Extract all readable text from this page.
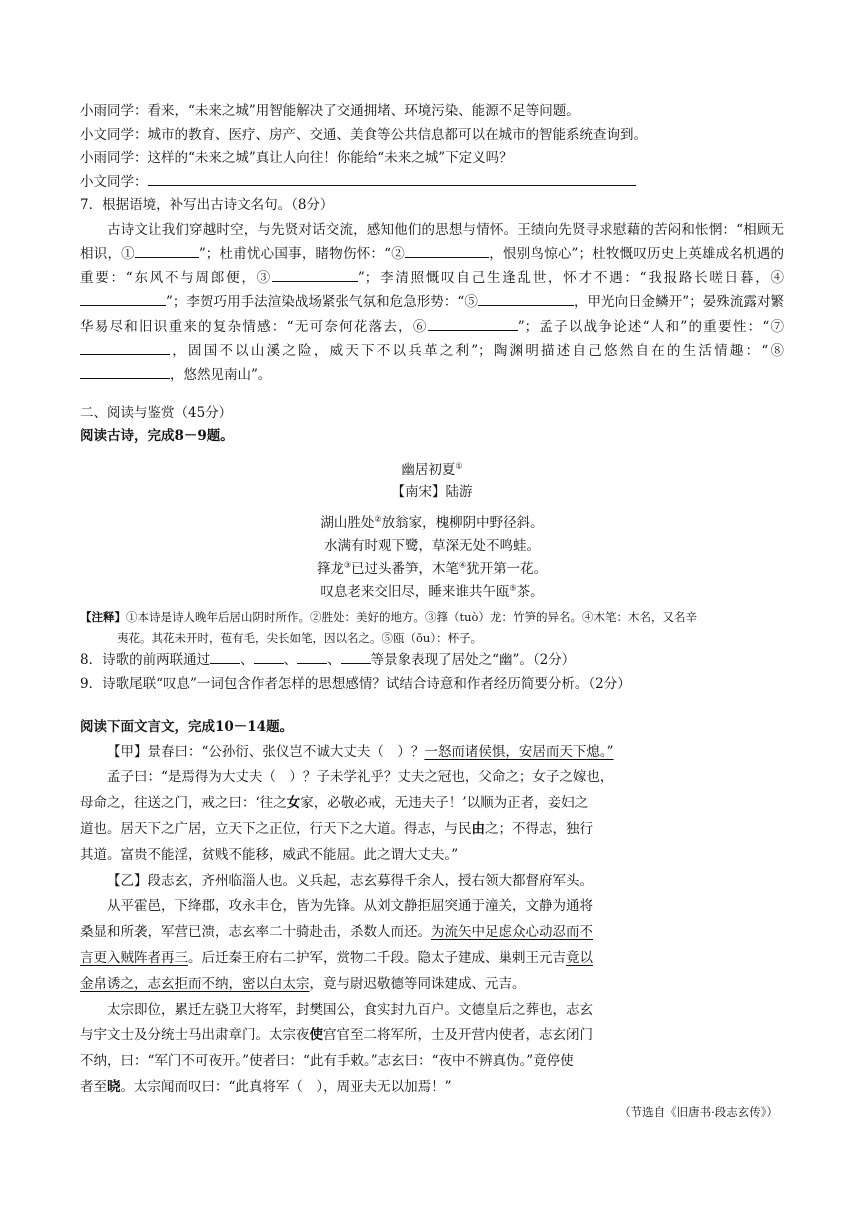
小雨同学：看来，“未来之城”用智能解决了交通拥堵、环境污染、能源不足等问题。
小文同学：城市的教育、医疗、房产、交通、美食等公共信息都可以在城市的智能系统查询到。
小雨同学：这样的“未来之城”真让人向往！你能给“未来之城”下定义吗？
小文同学：
7．根据语境，补写出古诗文名句。（8分）
古诗文让我们穿越时空，与先贤对话交流，感知他们的思想与情怀。王绩向先贤寻求慰藉的苦闷和怅惘：“相顾无相识，①	”；杜甫忧心国事，睹物伤怀：“②	，恨别鸟惊心”；杜牧慨叹历史上英雄成名机遇的重要：“东风不与周郎便，③	”；李清照慨叹自己生逢乱世，怀才不遇：“我报路长嗟日暮，④”；李贺巧用手法渲染战场紧张气氛和危急形势：“⑤	，甲光向日金鳞开”；晏殊流露对繁华易尽和旧识重来的复杂情感：“无可奈何花落去，⑥	”；孟子以战争论述“人和”的重要性：“⑦，固国不以山溪之险，威天下不以兵革之利”；陶渊明描述自己悠然自在的生活情趣：“⑧，悠然见南山”。
二、阅读与鉴赏（45分）
阅读古诗，完成8－9题。
幽居初夏①
【南宋】陆游
湖山胜处②放翁家，槐柳阴中野径斜。
水满有时观下鹭，草深无处不鸣蛙。
箨龙③已过头番笋，木笔④犹开第一花。
叹息老来交旧尽，睡来谁共午瓯⑤茶。
【注释】①本诗是诗人晚年后居山阴时所作。②胜处：美好的地方。③箨（tuò）龙：竹笋的异名。④木笔：木名，又名辛
夷花。其花未开时，苞有毛，尖长如笔，因以名之。⑤瓯（ōu）：杯子。
8．诗歌的前两联通过 、 、 、 等景象表现了居处之“幽”。（2分）
9．诗歌尾联“叹息”一词包含作者怎样的思想感情？试结合诗意和作者经历简要分析。（2分）
阅读下面文言文，完成10－14题。
【甲】景春曰：“公孙衍、张仪岂不诚大丈夫（　）？一怒而诸侯惧，安居而天下熄。”
孟子曰：“是焉得为大丈夫（　）？子未学礼乎？丈夫之冠也，父命之；女子之嫁也，
母命之，往送之门，戒之曰：‘往之女家，必敬必戒，无违夫子！’以顺为正者，妾妇之
道也。居天下之广居，立天下之正位，行天下之大道。得志，与民由之；不得志，独行
其道。富贵不能淫，贫贱不能移，威武不能屈。此之谓大丈夫。”
【乙】段志玄，齐州临淄人也。义兵起，志玄募得千余人，授右领大都督府军头。
从平霍邑，下绛郡，攻永丰仓，皆为先锋。从刘文静拒屈突通于潼关，文静为通将
桑显和所袭，军营已溃，志玄率二十骑赴击，杀数人而还。为流矢中足虑众心动忍而不
言更入贼阵者再三。后迁秦王府右二护军，赏物二千段。隐太子建成、巢剌王元吉竟以
金帛诱之，志玄拒而不纳，密以白太宗，竟与尉迟敬德等同诛建成、元吉。
太宗即位，累迁左骁卫大将军，封樊国公，食实封九百户。文德皇后之葬也，志玄
与宇文士及分统士马出肃章门。太宗夜使宫官至二将军所，士及开营内使者，志玄闭门
不纳，曰：“军门不可夜开。”使者曰：“此有手敕。”志玄曰：“夜中不辨真伪。”竟停使
者至晓。太宗闻而叹曰：“此真将军（　），周亚夫无以加焉！”
（节选自《旧唐书·段志玄传》）
